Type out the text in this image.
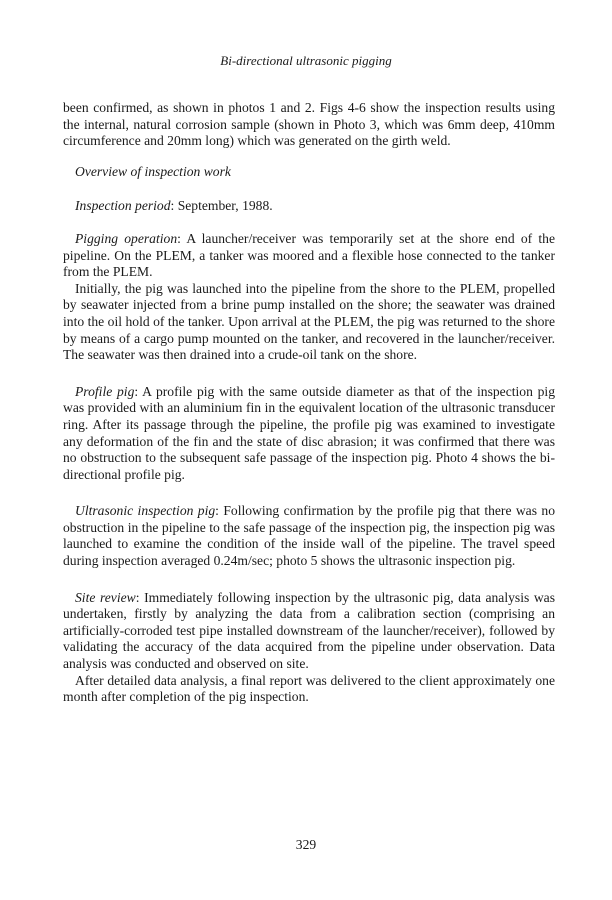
Bi-directional ultrasonic pigging

been confirmed, as shown in photos 1 and 2. Figs 4-6 show the inspection results using the internal, natural corrosion sample (shown in Photo 3, which was 6mm deep, 410mm circumference and 20mm long) which was generated on the girth weld.

Overview of inspection work

Inspection period: September, 1988.

Pigging operation: A launcher/receiver was temporarily set at the shore end of the pipeline. On the PLEM, a tanker was moored and a flexible hose connected to the tanker from the PLEM.

Initially, the pig was launched into the pipeline from the shore to the PLEM, propelled by seawater injected from a brine pump installed on the shore; the seawater was drained into the oil hold of the tanker. Upon arrival at the PLEM, the pig was returned to the shore by means of a cargo pump mounted on the tanker, and recovered in the launcher/receiver. The seawater was then drained into a crude-oil tank on the shore.

Profile pig: A profile pig with the same outside diameter as that of the inspection pig was provided with an aluminium fin in the equivalent location of the ultrasonic transducer ring. After its passage through the pipeline, the profile pig was examined to investigate any deformation of the fin and the state of disc abrasion; it was confirmed that there was no obstruction to the subsequent safe passage of the inspection pig. Photo 4 shows the bi-directional profile pig.

Ultrasonic inspection pig: Following confirmation by the profile pig that there was no obstruction in the pipeline to the safe passage of the inspection pig, the inspection pig was launched to examine the condition of the inside wall of the pipeline. The travel speed during inspection averaged 0.24m/sec; photo 5 shows the ultrasonic inspection pig.

Site review: Immediately following inspection by the ultrasonic pig, data analysis was undertaken, firstly by analyzing the data from a calibration section (comprising an artificially-corroded test pipe installed downstream of the launcher/receiver), followed by validating the accuracy of the data acquired from the pipeline under observation. Data analysis was conducted and observed on site.

After detailed data analysis, a final report was delivered to the client approximately one month after completion of the pig inspection.

329
